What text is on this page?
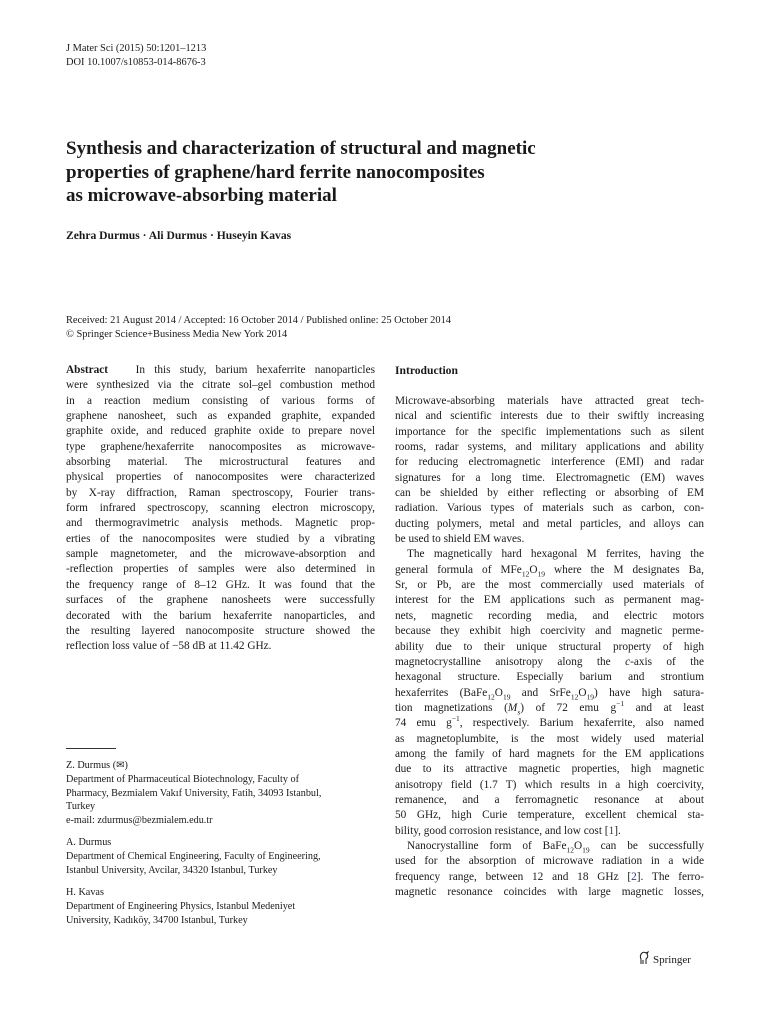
J Mater Sci (2015) 50:1201–1213
DOI 10.1007/s10853-014-8676-3
Synthesis and characterization of structural and magnetic
properties of graphene/hard ferrite nanocomposites
as microwave-absorbing material
Zehra Durmus · Ali Durmus · Huseyin Kavas
Received: 21 August 2014 / Accepted: 16 October 2014 / Published online: 25 October 2014
© Springer Science+Business Media New York 2014
Abstract In this study, barium hexaferrite nanoparticles
were synthesized via the citrate sol–gel combustion method
in a reaction medium consisting of various forms of
graphene nanosheet, such as expanded graphite, expanded
graphite oxide, and reduced graphite oxide to prepare novel
type graphene/hexaferrite nanocomposites as microwave-
absorbing material. The microstructural features and
physical properties of nanocomposites were characterized
by X-ray diffraction, Raman spectroscopy, Fourier trans-
form infrared spectroscopy, scanning electron microscopy,
and thermogravimetric analysis methods. Magnetic prop-
erties of the nanocomposites were studied by a vibrating
sample magnetometer, and the microwave-absorption and
-reflection properties of samples were also determined in
the frequency range of 8–12 GHz. It was found that the
surfaces of the graphene nanosheets were successfully
decorated with the barium hexaferrite nanoparticles, and
the resulting layered nanocomposite structure showed the
reflection loss value of −58 dB at 11.42 GHz.
Z. Durmus (✉)
Department of Pharmaceutical Biotechnology, Faculty of
Pharmacy, Bezmialem Vakıf University, Fatih, 34093 Istanbul,
Turkey
e-mail: zdurmus@bezmialem.edu.tr
A. Durmus
Department of Chemical Engineering, Faculty of Engineering,
Istanbul University, Avcilar, 34320 Istanbul, Turkey
H. Kavas
Department of Engineering Physics, Istanbul Medeniyet
University, Kadıköy, 34700 Istanbul, Turkey
Introduction
Microwave-absorbing materials have attracted great tech-
nical and scientific interests due to their swiftly increasing
importance for the specific implementations such as silent
rooms, radar systems, and military applications and ability
for reducing electromagnetic interference (EMI) and radar
signatures for a long time. Electromagnetic (EM) waves
can be shielded by either reflecting or absorbing of EM
radiation. Various types of materials such as carbon, con-
ducting polymers, metal and metal particles, and alloys can
be used to shield EM waves.
The magnetically hard hexagonal M ferrites, having the
general formula of $MFe_{12}O_{19}$ where the M designates Ba,
Sr, or Pb, are the most commercially used materials of
interest for the EM applications such as permanent mag-
nets, magnetic recording media, and electric motors
because they exhibit high coercivity and magnetic perme-
ability due to their unique structural property of high
magnetocrystalline anisotropy along the c-axis of the
hexagonal structure. Especially barium and strontium
hexaferrites ($BaFe_{12}O_{19}$ and $SrFe_{12}O_{19}$) have high satura-
tion magnetizations $(M_s)$ of 72 emu $g^{-1}$ and at least
74 emu $g^{-1}$, respectively. Barium hexaferrite, also named
as magnetoplumbite, is the most widely used material
among the family of hard magnets for the EM applications
due to its attractive magnetic properties, high magnetic
anisotropy field (1.7 T) which results in a high coercivity,
remanence, and a ferromagnetic resonance at about
50 GHz, high Curie temperature, excellent chemical sta-
bility, good corrosion resistance, and low cost [1].
Nanocrystalline form of $BaFe_{12}O_{19}$ can be successfully
used for the absorption of microwave radiation in a wide
frequency range, between 12 and 18 GHz [2]. The ferro-
magnetic resonance coincides with large magnetic losses,
Springer
